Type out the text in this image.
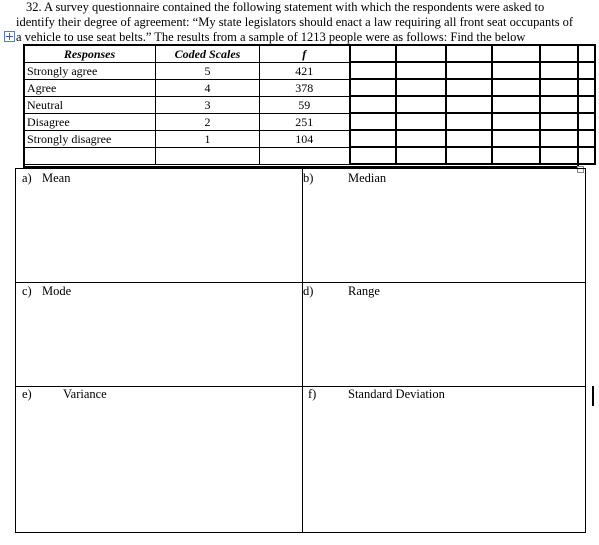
32. A survey questionnaire contained the following statement with which the respondents were asked to
identify their degree of agreement: “My state legislators should enact a law requiring all front seat occupants of
a vehicle to use seat belts.” The results from a sample of 1213 people were as follows: Find the below
Responses	Coded Scales	f					
Strongly agree	5	421					
Agree	4	378					
Neutral	3	59					
Disagree	2	251					
Strongly disagree	1	104					

a) Mean	b)	Median
c) Mode	d)	Range
e)	Variance	f)	Standard Deviation
